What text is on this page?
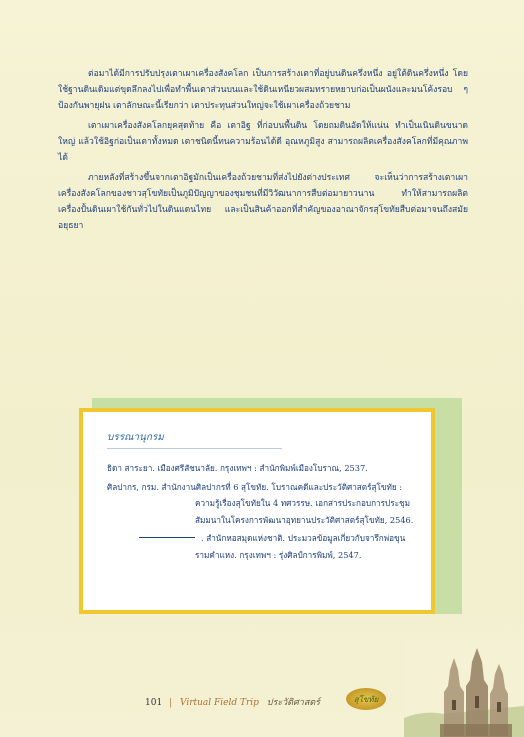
ต่อมาได้มีการปรับปรุงเตาเผาเครื่องสังคโลก เป็นการสร้างเตาที่อยู่บนดินครึ่งหนึ่ง อยู่ใต้ดินครึ่งหนึ่ง โดยใช้ฐานดินเดิมแต่ขุดลึกลงไปเพื่อทำพื้นเตาส่วนบนและใช้ดินเหนียวผสมทรายหยาบก่อเป็นผนังและมนโค้งรอบ ๆ ป้องกันพายุฝน เตาลักษณะนี้เรียกว่า เตาประทุนส่วนใหญ่จะใช้เผาเครื่องถ้วยชาม

เตาเผาเครื่องสังคโลกยุคสุดท้าย คือ เตาอิฐ ที่ก่อบนพื้นดิน โดยถมดินอัดให้แน่น ทำเป็นเนินดินขนาดใหญ่ แล้วใช้อิฐก่อเป็นเตาทั้งหมด เตาชนิดนี้ทนความร้อนได้ดี อุณหภูมิสูง สามารถผลิตเครื่องสังคโลกที่มีคุณภาพได้

ภายหลังที่สร้างขึ้นจากเตาอิฐมักเป็นเครื่องถ้วยชามที่ส่งไปยังต่างประเทศ จะเห็นว่าการสร้างเตาเผาเครื่องสังคโลกของชาวสุโขทัยเป็นภูมิปัญญาของชุมชนที่มีวิวัฒนาการสืบต่อมายาวนาน ทำให้สามารถผลิตเครื่องปั้นดินเผาใช้กันทั่วไปในดินแดนไทย และเป็นสินค้าออกที่สำคัญของอาณาจักรสุโขทัยสืบต่อมาจนถึงสมัยอยุธยา

บรรณานุกรม

ธิดา สาระยา. เมืองศรีสัชนาลัย. กรุงเทพฯ : สำนักพิมพ์เมืองโบราณ, 2537.

ศิลปากร, กรม. สำนักงานศิลปากรที่ 6 สุโขทัย. โบราณคดีและประวัติศาสตร์สุโขทัย : ความรู้เรื่องสุโขทัยใน 4 ทศวรรษ. เอกสารประกอบการประชุมสัมมนาในโครงการพัฒนาอุทยานประวัติศาสตร์สุโขทัย, 2546.

. สำนักหอสมุดแห่งชาติ. ประมวลข้อมูลเกี่ยวกับจารึกพ่อขุนรามคำแหง. กรุงเทพฯ : รุ่งศิลป์การพิมพ์, 2547.

101 | Virtual Field Trip ประวัติศาสตร์	สุโขทัย
